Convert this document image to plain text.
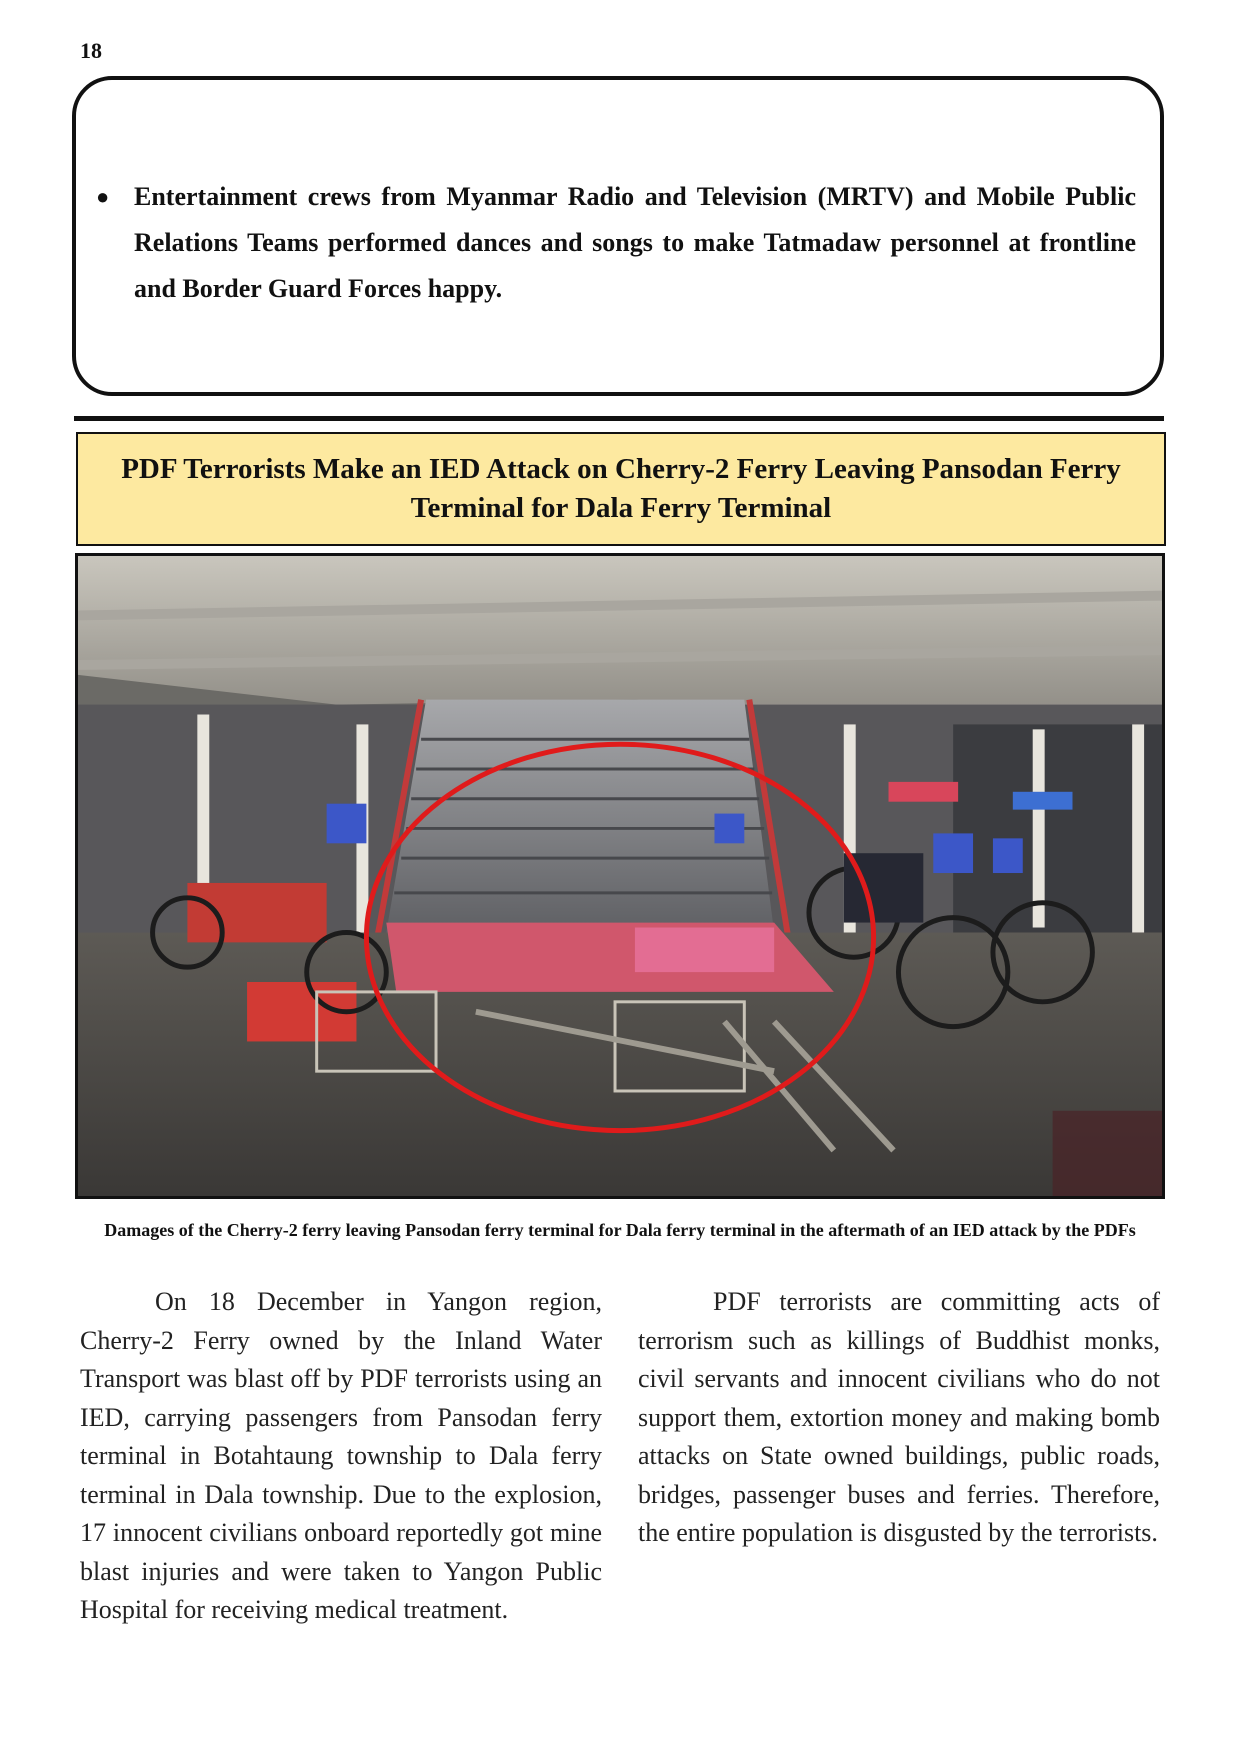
18
● Entertainment crews from Myanmar Radio and Television (MRTV) and Mobile Public Relations Teams performed dances and songs to make Tatmadaw personnel at frontline and Border Guard Forces happy.
PDF Terrorists Make an IED Attack on Cherry-2 Ferry Leaving Pansodan Ferry Terminal for Dala Ferry Terminal
Damages of the Cherry-2 ferry leaving Pansodan ferry terminal for Dala ferry terminal in the aftermath of an IED attack by the PDFs

On 18 December in Yangon region, Cherry-2 Ferry owned by the Inland Water Transport was blast off by PDF terrorists using an IED, carrying passengers from Pansodan ferry terminal in Botahtaung township to Dala ferry terminal in Dala township. Due to the explosion, 17 innocent civilians onboard reportedly got mine blast injuries and were taken to Yangon Public Hospital for receiving medical treatment.

PDF terrorists are committing acts of terrorism such as killings of Buddhist monks, civil servants and innocent civilians who do not support them, extortion money and making bomb attacks on State owned buildings, public roads, bridges, passenger buses and ferries. Therefore, the entire population is disgusted by the terrorists.
